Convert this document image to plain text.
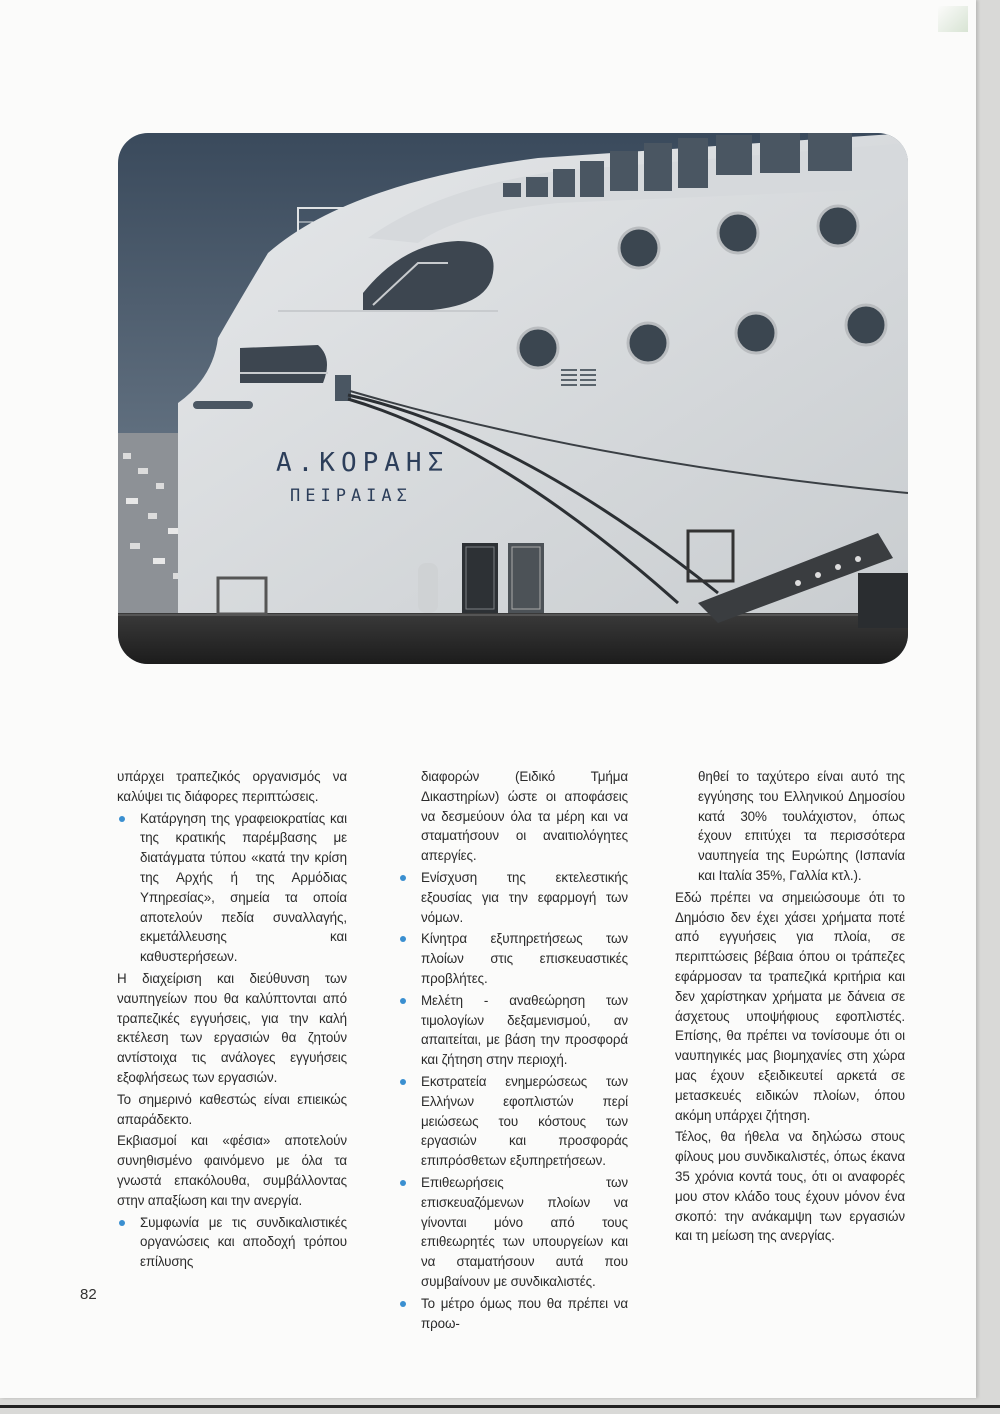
Α.ΚΟΡΑΗΣ
ΠΕΙΡΑΙΑΣ

υπάρχει τραπεζικός οργανισμός να καλύψει τις διάφορες περιπτώσεις.

Κατάργηση της γραφειοκρατίας και της κρατικής παρέμβασης με διατάγματα τύπου «κατά την κρίση της Αρχής ή της Αρμόδιας Υπηρεσίας», σημεία τα οποία αποτελούν πεδία συναλλαγής, εκμετάλλευσης και καθυστερήσεων.

Η διαχείριση και διεύθυνση των ναυπηγείων που θα καλύπτονται από τραπεζικές εγγυήσεις, για την καλή εκτέλεση των εργασιών θα ζητούν αντίστοιχα τις ανάλογες εγγυήσεις εξοφλήσεως των εργασιών.

Το σημερινό καθεστώς είναι επιεικώς απαράδεκτο.

Εκβιασμοί και «φέσια» αποτελούν συνηθισμένο φαινόμενο με όλα τα γνωστά επακόλουθα, συμβάλλοντας στην απαξίωση και την ανεργία.

Συμφωνία με τις συνδικαλιστικές οργανώσεις και αποδοχή τρόπου επίλυσης

διαφορών (Ειδικό Τμήμα Δικαστηρίων) ώστε οι αποφάσεις να δεσμεύουν όλα τα μέρη και να σταματήσουν οι αναιτιολόγητες απεργίες.

Ενίσχυση της εκτελεστικής εξουσίας για την εφαρμογή των νόμων.

Κίνητρα εξυπηρετήσεως των πλοίων στις επισκευαστικές προβλήτες.

Μελέτη - αναθεώρηση των τιμολογίων δεξαμενισμού, αν απαιτείται, με βάση την προσφορά και ζήτηση στην περιοχή.

Εκστρατεία ενημερώσεως των Ελλήνων εφοπλιστών περί μειώσεως του κόστους των εργασιών και προσφοράς επιπρόσθετων εξυπηρετήσεων.

Επιθεωρήσεις των επισκευαζόμενων πλοίων να γίνονται μόνο από τους επιθεωρητές των υπουργείων και να σταματήσουν αυτά που συμβαίνουν με συνδικαλιστές.

Το μέτρο όμως που θα πρέπει να προω-

θηθεί το ταχύτερο είναι αυτό της εγγύησης του Ελληνικού Δημοσίου κατά 30% τουλάχιστον, όπως έχουν επιτύχει τα περισσότερα ναυπηγεία της Ευρώπης (Ισπανία και Ιταλία 35%, Γαλλία κτλ.).

Εδώ πρέπει να σημειώσουμε ότι το Δημόσιο δεν έχει χάσει χρήματα ποτέ από εγγυήσεις για πλοία, σε περιπτώσεις βέβαια όπου οι τράπεζες εφάρμοσαν τα τραπεζικά κριτήρια και δεν χαρίστηκαν χρήματα με δάνεια σε άσχετους υποψήφιους εφοπλιστές. Επίσης, θα πρέπει να τονίσουμε ότι οι ναυπηγικές μας βιομηχανίες στη χώρα μας έχουν εξειδικευτεί αρκετά σε μετασκευές ειδικών πλοίων, όπου ακόμη υπάρχει ζήτηση.

Τέλος, θα ήθελα να δηλώσω στους φίλους μου συνδικαλιστές, όπως έκανα 35 χρόνια κοντά τους, ότι οι αναφορές μου στον κλάδο τους έχουν μόνον ένα σκοπό: την ανάκαμψη των εργασιών και τη μείωση της ανεργίας.

82
